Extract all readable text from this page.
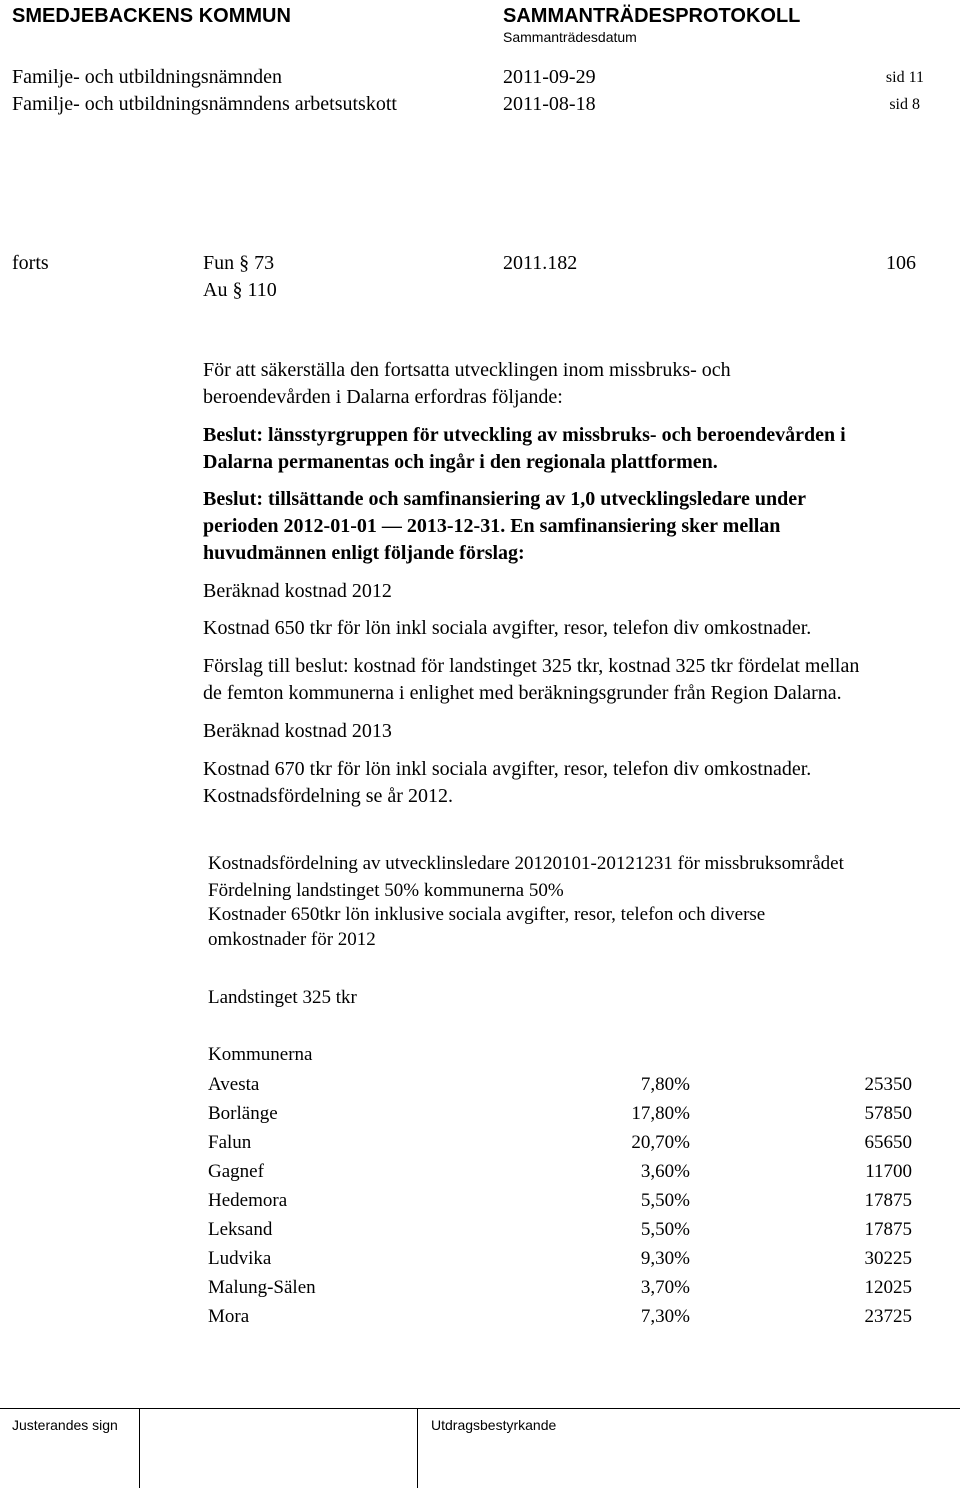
SMEDJEBACKENS KOMMUN	SAMMANTRÄDESPROTOKOLL
Sammanträdesdatum
Familje- och utbildningsnämnden	2011-09-29	sid 11
Familje- och utbildningsnämndens arbetsutskott	2011-08-18	sid 8
forts	Fun § 73
Au § 110
2011.182	106
För att säkerställa den fortsatta utvecklingen inom missbruks- och
beroendevården i Dalarna erfordras följande:
Beslut: länsstyrgruppen för utveckling av missbruks- och beroendevården i
Dalarna permanentas och ingår i den regionala plattformen.
Beslut: tillsättande och samfinansiering av 1,0 utvecklingsledare under
perioden 2012-01-01 — 2013-12-31. En samfinansiering sker mellan
huvudmännen enligt följande förslag:
Beräknad kostnad 2012
Kostnad 650 tkr för lön inkl sociala avgifter, resor, telefon div omkostnader.
Förslag till beslut: kostnad för landstinget 325 tkr, kostnad 325 tkr fördelat mellan
de femton kommunerna i enlighet med beräkningsgrunder från Region Dalarna.
Beräknad kostnad 2013
Kostnad 670 tkr för lön inkl sociala avgifter, resor, telefon div omkostnader.
Kostnadsfördelning se år 2012.
Kostnadsfördelning av utvecklinsledare 20120101-20121231 för missbruksområdet
Fördelning landstinget 50% kommunerna 50%
Kostnader 650tkr lön inklusive sociala avgifter, resor, telefon och diverse
omkostnader för 2012
Landstinget 325 tkr
Kommunerna
Avesta	7,80%	25350
Borlänge	17,80%	57850
Falun	20,70%	65650
Gagnef	3,60%	11700
Hedemora	5,50%	17875
Leksand	5,50%	17875
Ludvika	9,30%	30225
Malung-Sälen	3,70%	12025
Mora	7,30%	23725
Justerandes sign	Utdragsbestyrkande
